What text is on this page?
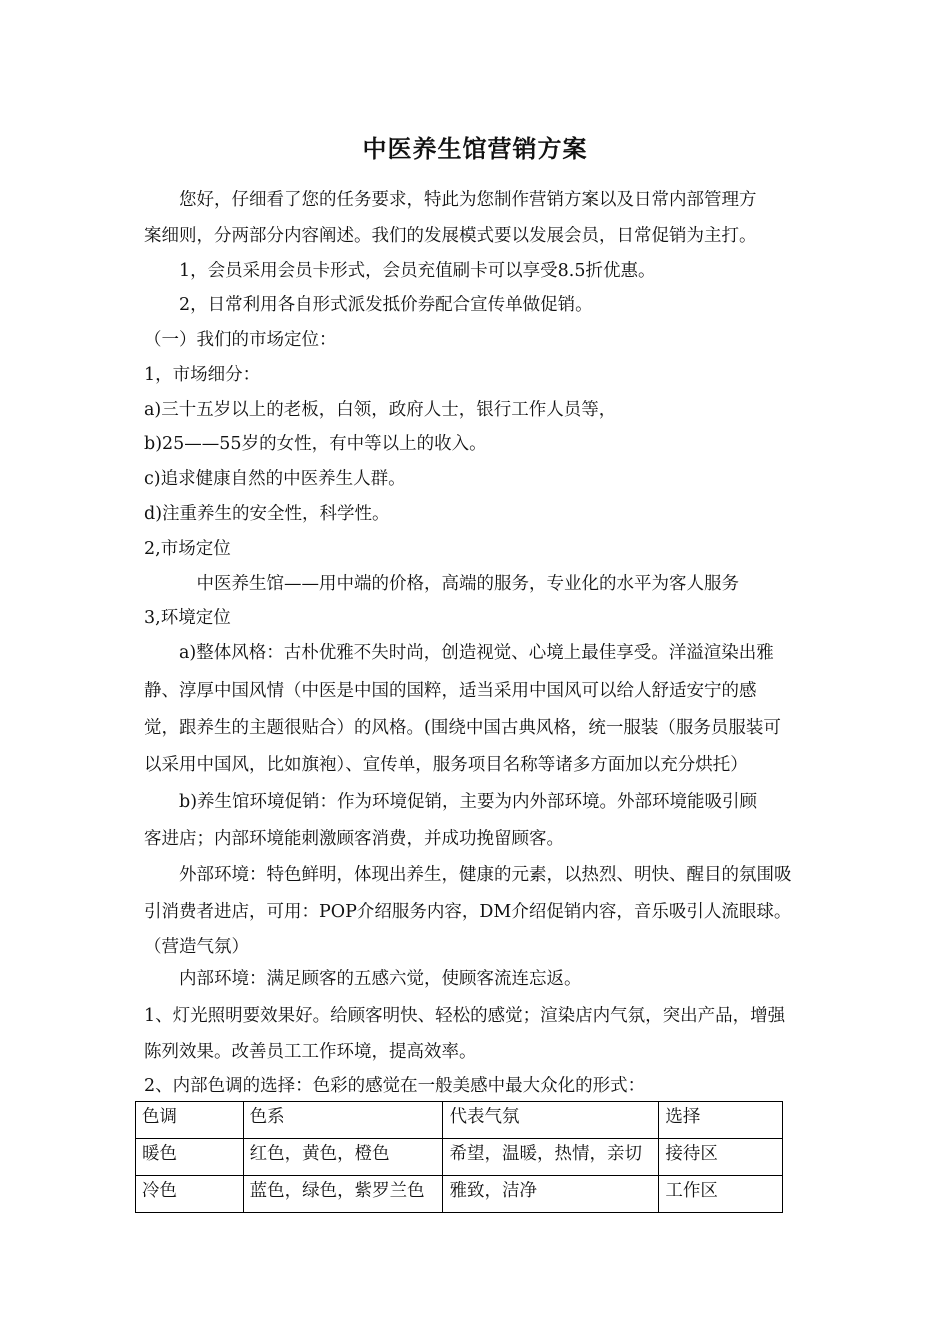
中医养生馆营销方案
　　您好，仔细看了您的任务要求，特此为您制作营销方案以及日常内部管理方
案细则，分两部分内容阐述。我们的发展模式要以发展会员，日常促销为主打。
　　1，会员采用会员卡形式，会员充值刷卡可以享受8.5折优惠。
　　2，日常利用各自形式派发抵价券配合宣传单做促销。
（一）我们的市场定位：
1，市场细分：
a)三十五岁以上的老板，白领，政府人士，银行工作人员等，
b)25——55岁的女性，有中等以上的收入。
c)追求健康自然的中医养生人群。
d)注重养生的安全性，科学性。
2,市场定位
　　　中医养生馆——用中端的价格，高端的服务，专业化的水平为客人服务
3,环境定位
　　a)整体风格：古朴优雅不失时尚，创造视觉、心境上最佳享受。洋溢渲染出雅
静、淳厚中国风情（中医是中国的国粹，适当采用中国风可以给人舒适安宁的感
觉，跟养生的主题很贴合）的风格。(围绕中国古典风格，统一服装（服务员服装可
以采用中国风，比如旗袍）、宣传单，服务项目名称等诸多方面加以充分烘托）
　　b)养生馆环境促销：作为环境促销，主要为内外部环境。外部环境能吸引顾
客进店；内部环境能刺激顾客消费，并成功挽留顾客。
　　外部环境：特色鲜明，体现出养生，健康的元素，以热烈、明快、醒目的氛围吸
引消费者进店，可用：POP介绍服务内容，DM介绍促销内容，音乐吸引人流眼球。
（营造气氛）
　　内部环境：满足顾客的五感六觉，使顾客流连忘返。
1、灯光照明要效果好。给顾客明快、轻松的感觉；渲染店内气氛，突出产品，增强
陈列效果。改善员工工作环境，提高效率。
2、内部色调的选择：色彩的感觉在一般美感中最大众化的形式：
色调	色系	代表气氛	选择
暖色	红色，黄色，橙色	希望，温暖，热情，亲切	接待区
冷色	蓝色，绿色，紫罗兰色	雅致，洁净	工作区
